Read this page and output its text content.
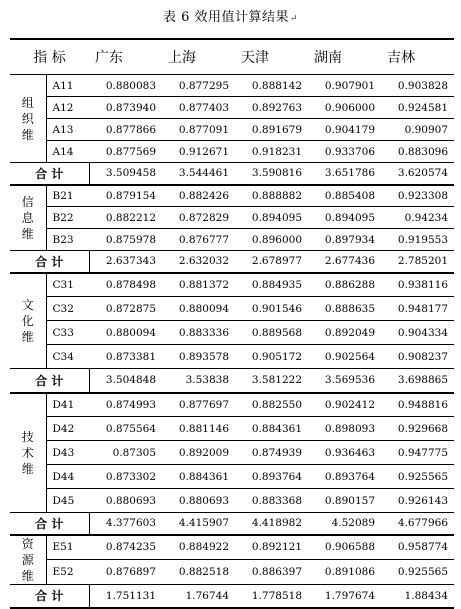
表 6 效用值计算结果↵
指 标		广东	上海	天津	湖南	吉林
组织维	A11	0.880083	0.877295	0.888142	0.907901	0.903828
	A12	0.873940	0.877403	0.892763	0.906000	0.924581
	A13	0.877866	0.877091	0.891679	0.904179	0.90907
	A14	0.877569	0.912671	0.918231	0.933706	0.883096
合 计		3.509458	3.544461	3.590816	3.651786	3.620574
信息维	B21	0.879154	0.882426	0.888882	0.885408	0.923308
	B22	0.882212	0.872829	0.894095	0.894095	0.94234
	B23	0.875978	0.876777	0.896000	0.897934	0.919553
合 计		2.637343	2.632032	2.678977	2.677436	2.785201
文化维	C31	0.878498	0.881372	0.884935	0.886288	0.938116
	C32	0.872875	0.880094	0.901546	0.888635	0.948177
	C33	0.880094	0.883336	0.889568	0.892049	0.904334
	C34	0.873381	0.893578	0.905172	0.902564	0.908237
合 计		3.504848	3.53838	3.581222	3.569536	3.698865
技术维	D41	0.874993	0.877697	0.882550	0.902412	0.948816
	D42	0.875564	0.881146	0.884361	0.898093	0.929668
	D43	0.87305	0.892009	0.874939	0.936463	0.947775
	D44	0.873302	0.884361	0.893764	0.893764	0.925565
	D45	0.880693	0.880693	0.883368	0.890157	0.926143
合 计		4.377603	4.415907	4.418982	4.52089	4.677966
资源维	E51	0.874235	0.884922	0.892121	0.906588	0.958774
	E52	0.876897	0.882518	0.886397	0.891086	0.925565
合 计		1.751131	1.76744	1.778518	1.797674	1.88434
